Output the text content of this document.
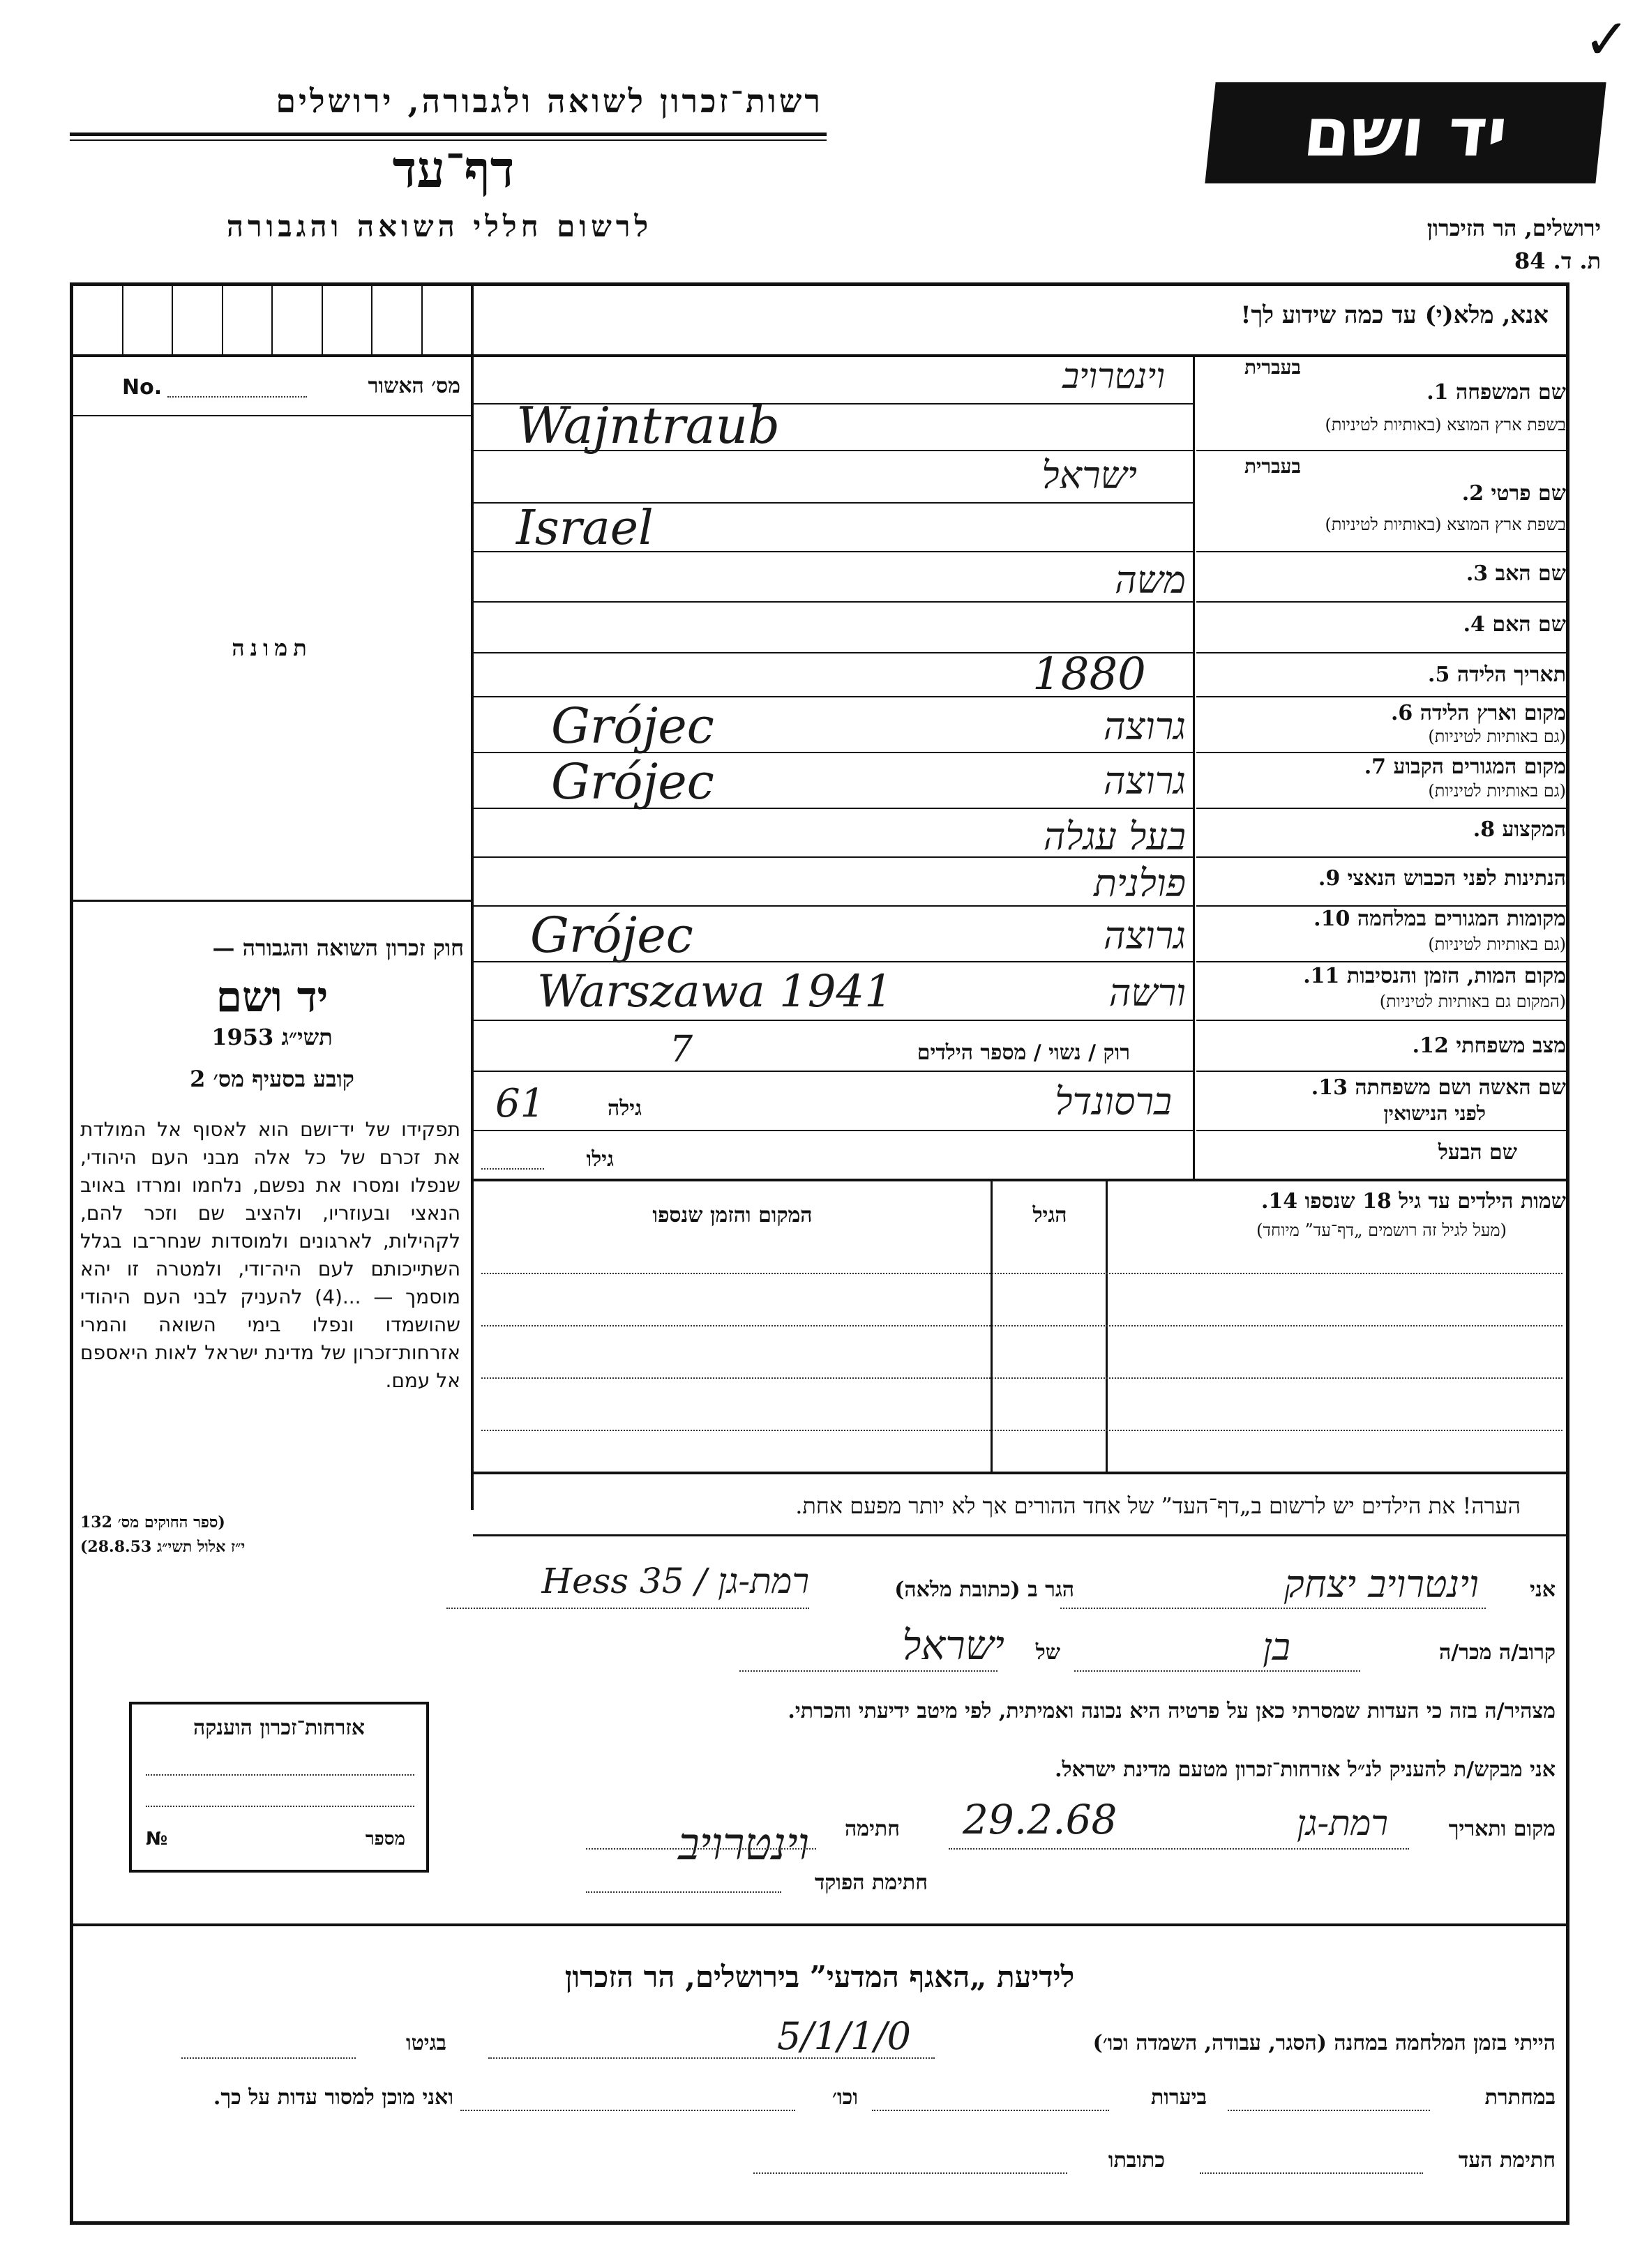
✓
רשות־זכרון לשואה ולגבורה, ירושלים
דף־עד
לרשום חללי השואה והגבורה
יד ושם
ירושלים, הר הזיכרון
ת. ד. 84
אנא, מלא(י) עד כמה שידוע לך!
No.	מס׳ האשור
תמונה
חוק זכרון השואה והגבורה —
יד ושם
תשי״ג 1953
קובע בסעיף מס׳ 2
תפקידו של יד־ושם הוא לאסוף אל המולדת את זכרם של כל אלה מבני העם היהודי, שנפלו ומסרו את נפשם, נלחמו ומרדו באויב הנאצי ובעוזריו, ולהציב שם וזכר להם, לקהילות, לארגונים ולמוסדות שנחר־בו בגלל השתייכותם לעם היה־ודי, ולמטרה זו יהא מוסמך — ...(4) להעניק לבני העם היהודי שהושמדו ונפלו בימי השואה והמרי אזרחות־זכרון של מדינת ישראל לאות היאספם אל עמם.
(ספר החוקים מס׳ 132
י״ז אלול תשי״ג 28.8.53)
בעברית
שם המשפחה 1.
בשפת ארץ המוצא (באותיות לטיניות)
בעברית
שם פרטי 2.
בשפת ארץ המוצא (באותיות לטיניות)
שם האב 3.
שם האם 4.
תאריך הלידה 5.
מקום וארץ הלידה 6.
(גם באותיות לטיניות)
מקום המגורים הקבוע 7.
(גם באותיות לטיניות)
המקצוע 8.
הנתינות לפני הכבוש הנאצי 9.
מקומות המגורים במלחמה 10.
(גם באותיות לטיניות)
מקום המות, הזמן והנסיבות 11.
(המקום גם באותיות לטיניות)
מצב משפחתי 12.
שם האשה ושם משפחתה 13.
לפני הנישואין
שם הבעל
וינטרויב
Wajntraub
ישראל
Israel
משה
1880
גרוצה
Grójec
גרוצה
Grójec
בעל עגלה
פולנית
גרוצה
Grójec
ורשה
Warszawa 1941
רוק / נשוי / מספר הילדים
7
ברסונדל
גילה
61
גילו
שמות הילדים עד גיל 18 שנספו 14.
(מעל לגיל זה רושמים „דף־עד” מיוחד)
הגיל
המקום והזמן שנספו
הערה! את הילדים יש לרשום ב„דף־העד” של אחד ההורים אך לא יותר מפעם אחת.
אני
וינטרויב יצחק
הגר ב (כתובת מלאה)
רמת-גן / 35 Hess
קרוב/ה מכר/ה
בן
של
ישראל
מצהיר/ה בזה כי העדות שמסרתי כאן על פרטיה היא נכונה ואמיתית, לפי מיטב ידיעתי והכרתי.
אני מבקש/ת להעניק לנ״ל אזרחות־זכרון מטעם מדינת ישראל.
מקום ותאריך
רמת-גן
29.2.68
חתימה
וינטרויב
חתימת הפוקד
אזרחות־זכרון הוענקה
מספר
№
לידיעת „האגף המדעי” בירושלים, הר הזכרון
הייתי בזמן המלחמה במחנה (הסגר, עבודה, השמדה וכו׳)
5/1/1/0
בגיטו
במחתרת
ביערות
וכו׳
ואני מוכן למסור עדות על כך.
חתימת העד
כתובתו
